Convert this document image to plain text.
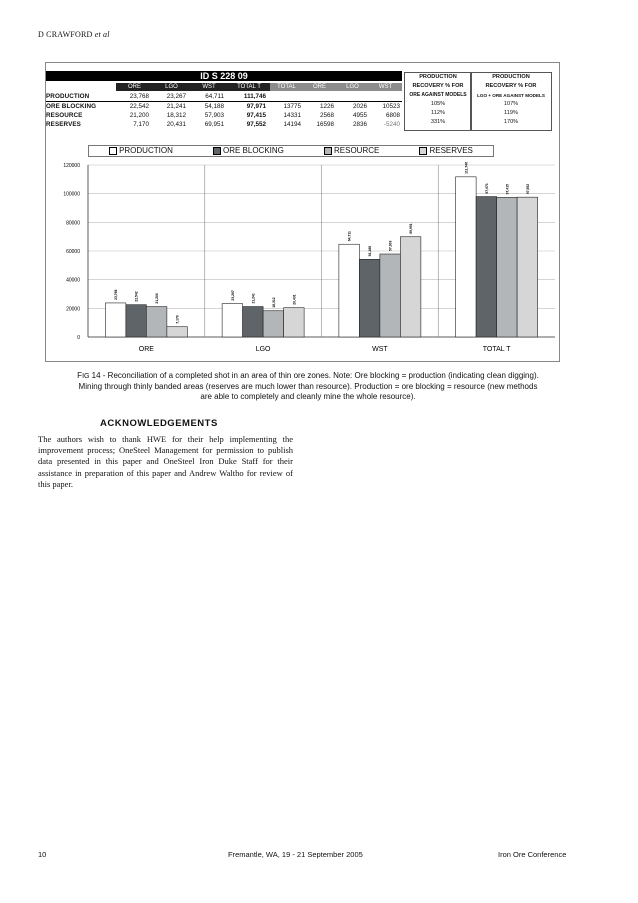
D CRAWFORD et al
ID S 228 09
ORE	LGO	WST	TOTAL T	TOTAL	ORE	LGO	WST
PRODUCTION	23,768	23,267	64,711	111,746
ORE BLOCKING	22,542	21,241	54,188	97,971	13775	1226	2026	10523
RESOURCE	21,200	18,312	57,903	97,415	14331	2568	4955	6808
RESERVES	7,170	20,431	69,951	97,552	14194	16598	2836	-5240
PRODUCTION
RECOVERY % FOR
ORE AGAINST MODELS
105%
112%
331%
PRODUCTION
RECOVERY % FOR
LGO + ORE AGAINST MODELS
107%
119%
170%
PRODUCTION	ORE BLOCKING	RESOURCE	RESERVES
0
20000
40000
60000
80000
100000
120000
23,768	22,542	21,200
7,170
ORE
23,267	21,241	18,312	20,431
LGO
64,711
54,188
57,903
69,951
WST
111,746
97,971	97,415	97,552
TOTAL T
FIG 14 - Reconciliation of a completed shot in an area of thin ore zones. Note: Ore blocking = production (indicating clean digging).
Mining through thinly banded areas (reserves are much lower than resource). Production = ore blocking = resource (new methods
are able to completely and cleanly mine the whole resource).
ACKNOWLEDGEMENTS
The authors wish to thank HWE for their help implementing the improvement process; OneSteel Management for permission to publish data presented in this paper and OneSteel Iron Duke Staff for their assistance in preparation of this paper and Andrew Waltho for review of this paper.
10	Fremantle, WA, 19 - 21 September 2005	Iron Ore Conference
